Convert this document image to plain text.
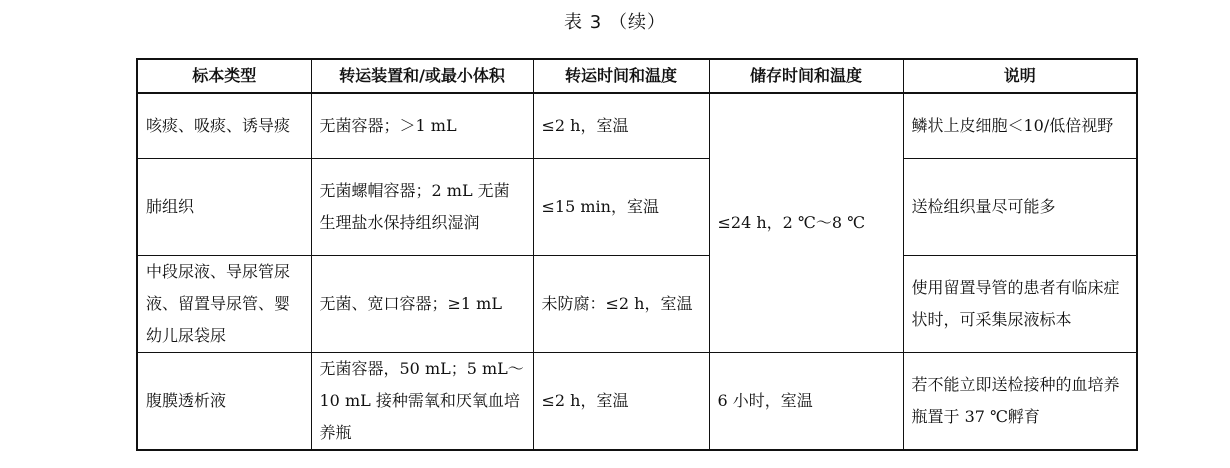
表 3 （续）
标本类型	转运装置和/或最小体积	转运时间和温度	储存时间和温度	说明
咳痰、吸痰、诱导痰	无菌容器；＞1 mL	≤2 h，室温	≤24 h，2 ℃～8 ℃	鳞状上皮细胞＜10/低倍视野
肺组织	无菌螺帽容器；2 mL 无菌生理盐水保持组织湿润	≤15 min，室温		送检组织量尽可能多
中段尿液、导尿管尿液、留置导尿管、婴幼儿尿袋尿	无菌、宽口容器；≥1 mL	未防腐：≤2 h，室温		使用留置导管的患者有临床症状时，可采集尿液标本
腹膜透析液	无菌容器，50 mL；5 mL～10 mL 接种需氧和厌氧血培养瓶	≤2 h，室温	6 小时，室温	若不能立即送检接种的血培养瓶置于 37 ℃孵育
